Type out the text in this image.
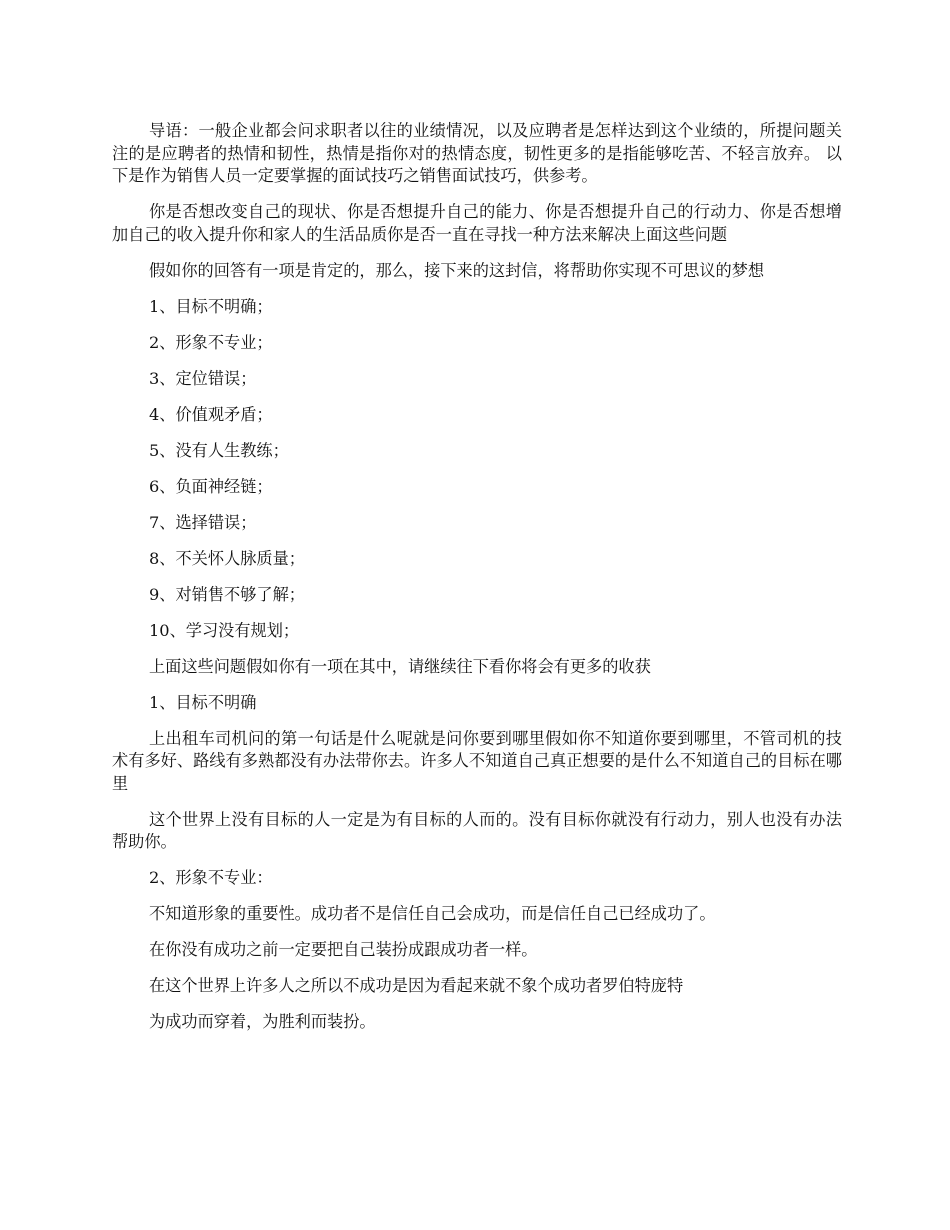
导语：一般企业都会问求职者以往的业绩情况，以及应聘者是怎样达到这个业绩的，所提问题关注的是应聘者的热情和韧性，热情是指你对的热情态度，韧性更多的是指能够吃苦、不轻言放弃。 以下是作为销售人员一定要掌握的面试技巧之销售面试技巧，供参考。

你是否想改变自己的现状、你是否想提升自己的能力、你是否想提升自己的行动力、你是否想增加自己的收入提升你和家人的生活品质你是否一直在寻找一种方法来解决上面这些问题

假如你的回答有一项是肯定的，那么，接下来的这封信，将帮助你实现不可思议的梦想

1、目标不明确；

2、形象不专业；

3、定位错误；

4、价值观矛盾；

5、没有人生教练；

6、负面神经链；

7、选择错误；

8、不关怀人脉质量；

9、对销售不够了解；

10、学习没有规划；

上面这些问题假如你有一项在其中，请继续往下看你将会有更多的收获

1、目标不明确

上出租车司机问的第一句话是什么呢就是问你要到哪里假如你不知道你要到哪里，不管司机的技术有多好、路线有多熟都没有办法带你去。许多人不知道自己真正想要的是什么不知道自己的目标在哪里

这个世界上没有目标的人一定是为有目标的人而的。没有目标你就没有行动力，别人也没有办法帮助你。

2、形象不专业：

不知道形象的重要性。成功者不是信任自己会成功，而是信任自己已经成功了。

在你没有成功之前一定要把自己装扮成跟成功者一样。

在这个世界上许多人之所以不成功是因为看起来就不象个成功者罗伯特庞特

为成功而穿着，为胜利而装扮。
